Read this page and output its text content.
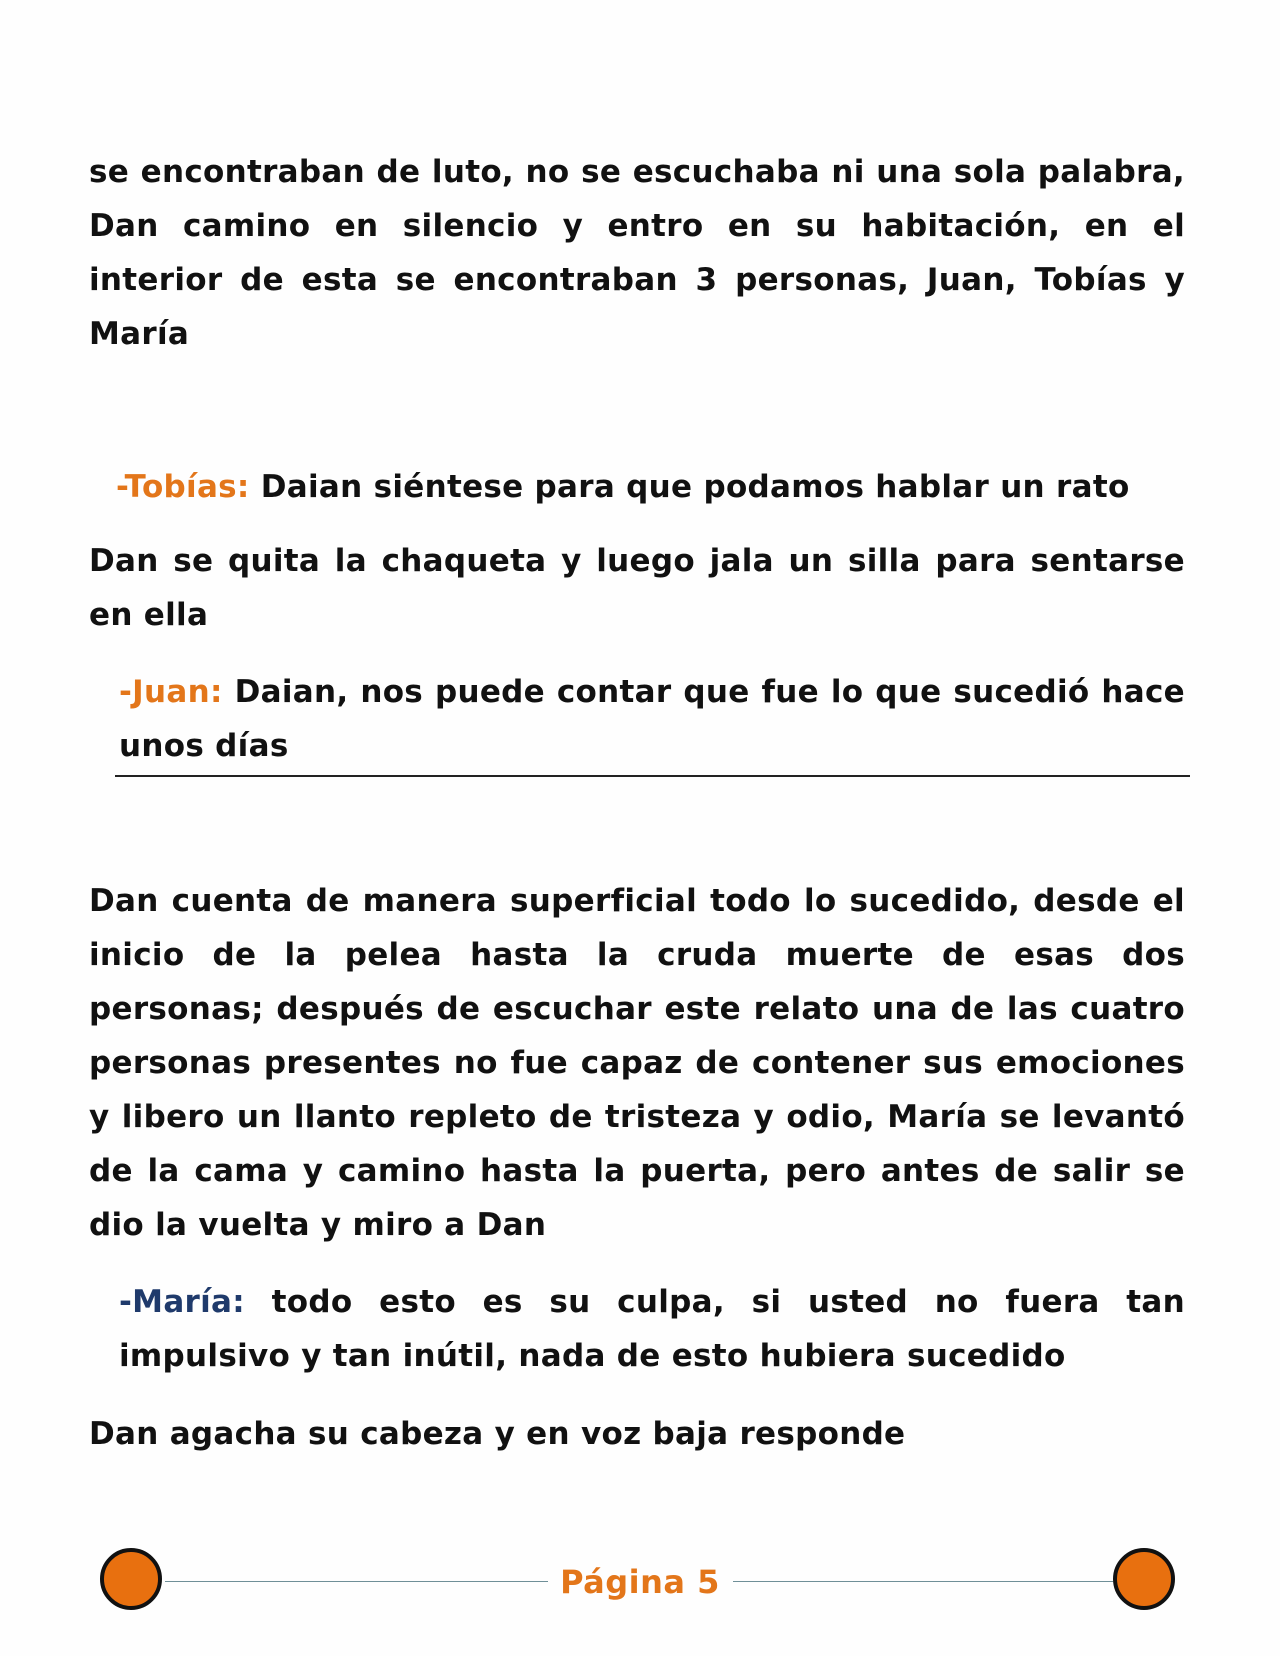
se encontraban de luto, no se escuchaba ni una sola palabra, Dan camino en silencio y entro en su habitación, en el interior de esta se encontraban 3 personas, Juan, Tobías y María

-Tobías: Daian siéntese para que podamos hablar un rato

Dan se quita la chaqueta y luego jala un silla para sentarse en ella

-Juan: Daian, nos puede contar que fue lo que sucedió hace unos días

Dan cuenta de manera superficial todo lo sucedido, desde el inicio de la pelea hasta la cruda muerte de esas dos personas; después de escuchar este relato una de las cuatro personas presentes no fue capaz de contener sus emociones y libero un llanto repleto de tristeza y odio, María se levantó de la cama y camino hasta la puerta, pero antes de salir se dio la vuelta y miro a Dan

-María: todo esto es su culpa, si usted no fuera tan impulsivo y tan inútil, nada de esto hubiera sucedido

Dan agacha su cabeza y en voz baja responde

Página 5
